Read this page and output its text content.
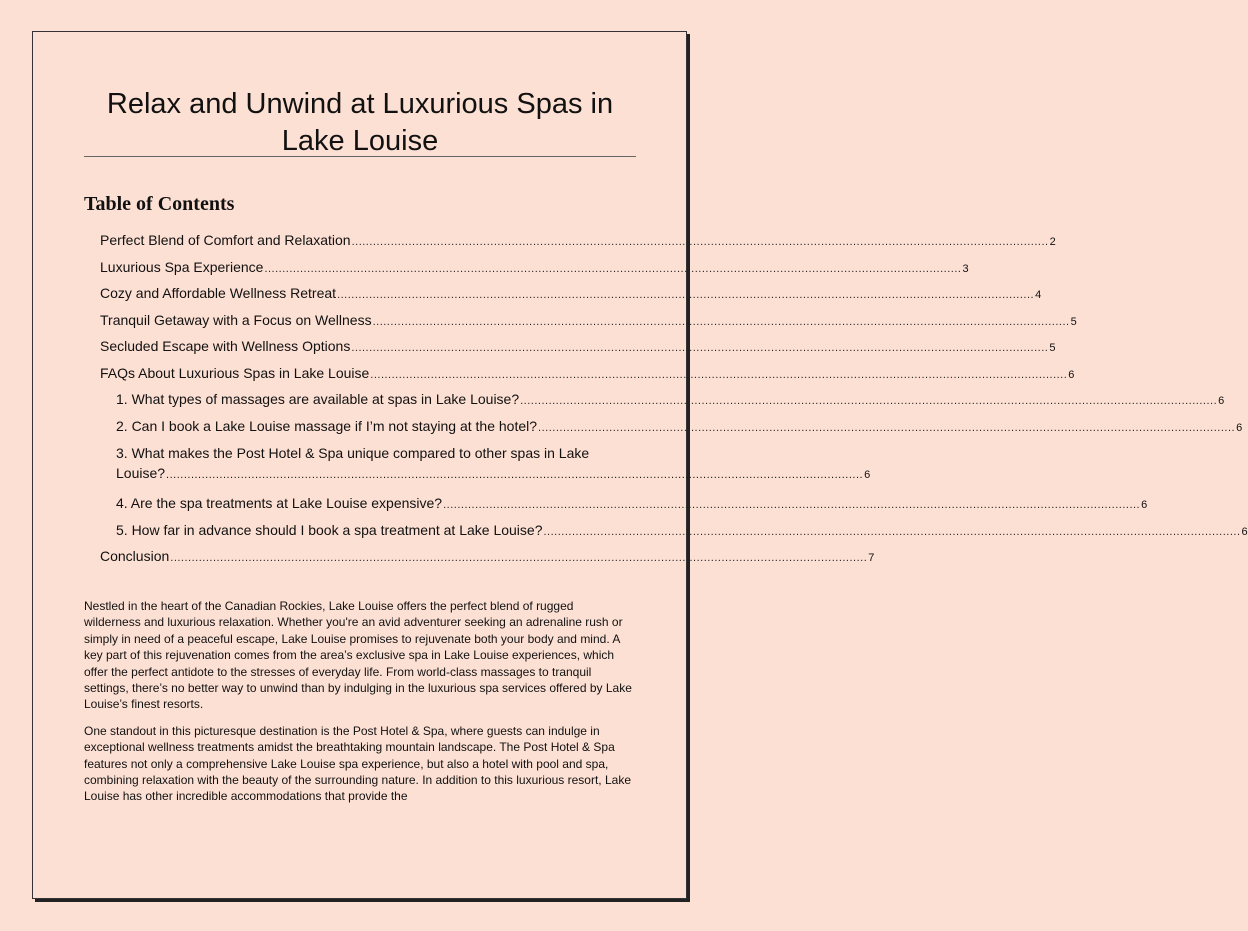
Relax and Unwind at Luxurious Spas in Lake Louise
Table of Contents
Perfect Blend of Comfort and Relaxation .................................................................................................................................................................................................... 2
Luxurious Spa Experience .................................................................................................................................................................................................... 3
Cozy and Affordable Wellness Retreat .................................................................................................................................................................................................... 4
Tranquil Getaway with a Focus on Wellness .................................................................................................................................................................................................... 5
Secluded Escape with Wellness Options .................................................................................................................................................................................................... 5
FAQs About Luxurious Spas in Lake Louise .................................................................................................................................................................................................... 6
1. What types of massages are available at spas in Lake Louise? .................................................................................................................................................................................................... 6
2. Can I book a Lake Louise massage if I’m not staying at the hotel? .................................................................................................................................................................................................... 6
3. What makes the Post Hotel & Spa unique compared to other spas in Lake
Louise? .................................................................................................................................................................................................... 6
4. Are the spa treatments at Lake Louise expensive? .................................................................................................................................................................................................... 6
5. How far in advance should I book a spa treatment at Lake Louise? .................................................................................................................................................................................................... 6
Conclusion .................................................................................................................................................................................................... 7

Nestled in the heart of the Canadian Rockies, Lake Louise offers the perfect blend of rugged wilderness and luxurious relaxation. Whether you're an avid adventurer seeking an adrenaline rush or simply in need of a peaceful escape, Lake Louise promises to rejuvenate both your body and mind. A key part of this rejuvenation comes from the area’s exclusive spa in Lake Louise experiences, which offer the perfect antidote to the stresses of everyday life. From world-class massages to tranquil settings, there’s no better way to unwind than by indulging in the luxurious spa services offered by Lake Louise’s finest resorts.

One standout in this picturesque destination is the Post Hotel & Spa, where guests can indulge in exceptional wellness treatments amidst the breathtaking mountain landscape. The Post Hotel & Spa features not only a comprehensive Lake Louise spa experience, but also a hotel with pool and spa, combining relaxation with the beauty of the surrounding nature. In addition to this luxurious resort, Lake Louise has other incredible accommodations that provide the
